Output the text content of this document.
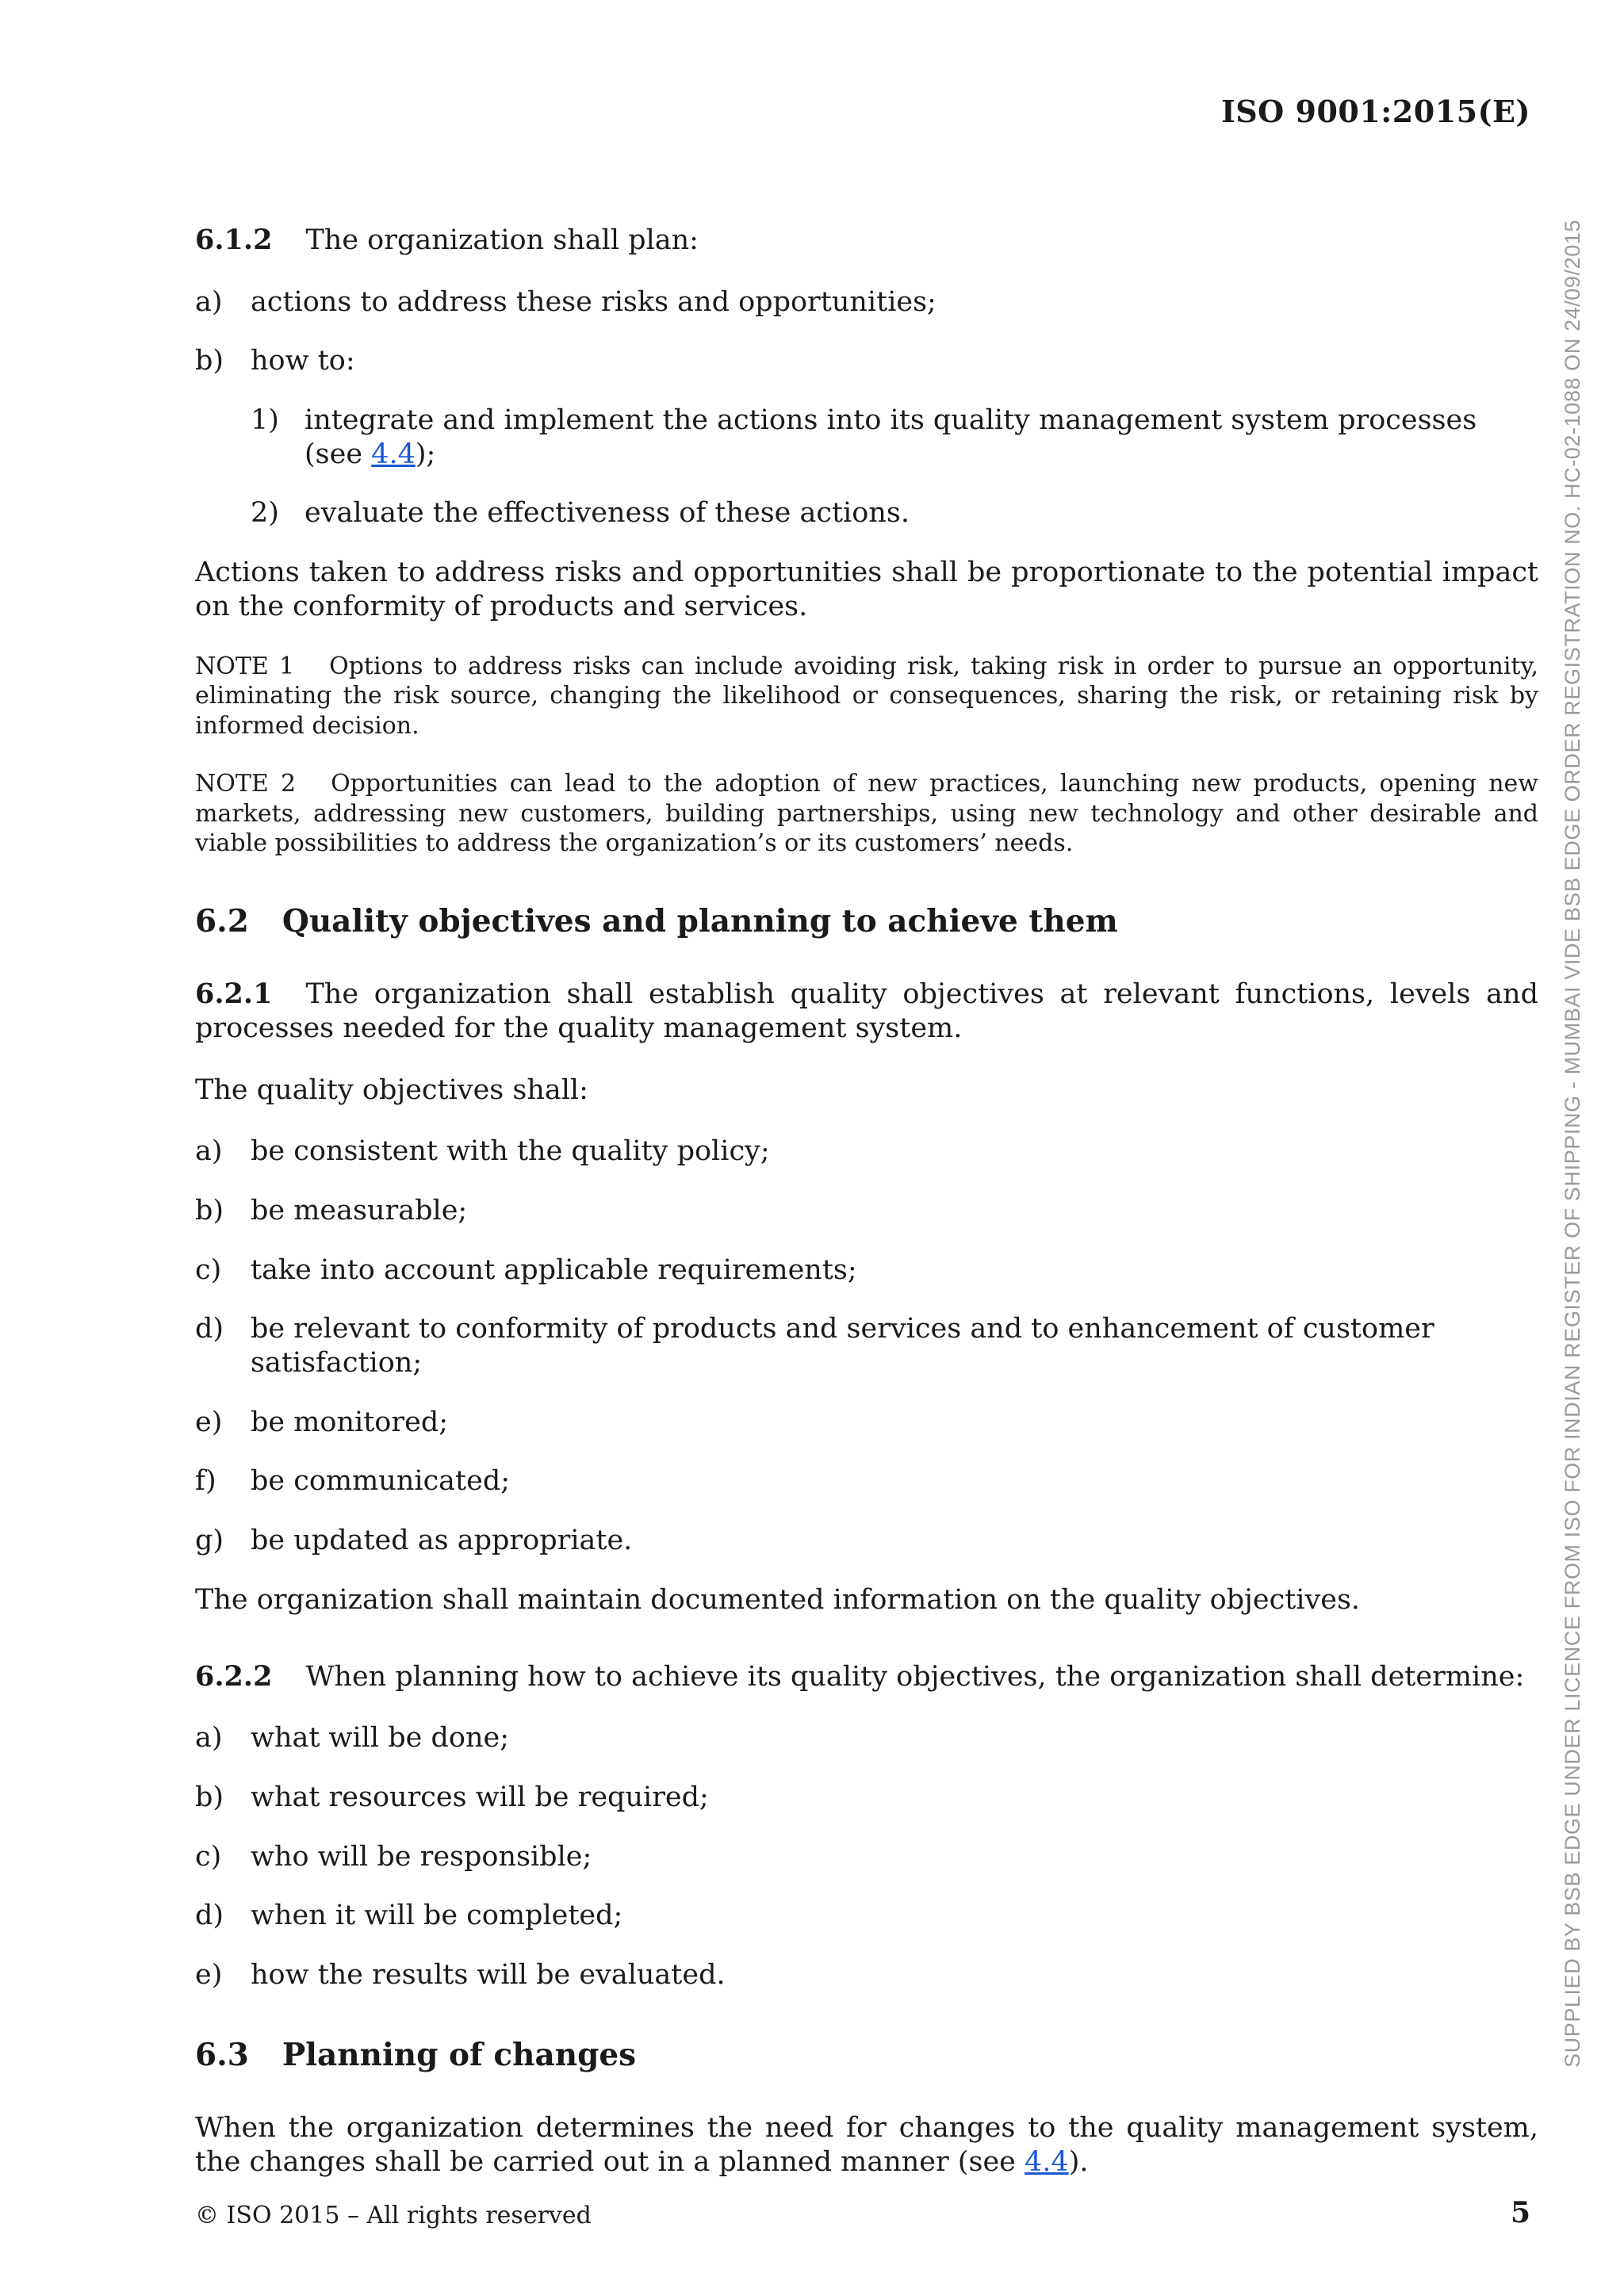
ISO 9001:2015(E)

6.1.2 The organization shall plan:

a)	actions to address these risks and opportunities;
b) how to:
1) integrate and implement the actions into its quality management system processes (see 4.4);
2) evaluate the effectiveness of these actions.

Actions taken to address risks and opportunities shall be proportionate to the potential impact on the conformity of products and services.

NOTE 1 Options to address risks can include avoiding risk, taking risk in order to pursue an opportunity, eliminating the risk source, changing the likelihood or consequences, sharing the risk, or retaining risk by informed decision.

NOTE 2 Opportunities can lead to the adoption of new practices, launching new products, opening new markets, addressing new customers, building partnerships, using new technology and other desirable and viable possibilities to address the organization’s or its customers’ needs.

6.2 Quality objectives and planning to achieve them

6.2.1 The organization shall establish quality objectives at relevant functions, levels and processes needed for the quality management system.

The quality objectives shall:

a)	be consistent with the quality policy;
b) be measurable;
c)	take into account applicable requirements;
d) be relevant to conformity of products and services and to enhancement of customer satisfaction;
e)	be monitored;
f)	be communicated;
g) be updated as appropriate.

The organization shall maintain documented information on the quality objectives.

6.2.2 When planning how to achieve its quality objectives, the organization shall determine:

a)	what will be done;
b) what resources will be required;
c)	who will be responsible;
d) when it will be completed;
e)	how the results will be evaluated.
6.3 Planning of changes

When the organization determines the need for changes to the quality management system, the changes shall be carried out in a planned manner (see 4.4).

© ISO 2015 – All rights reserved	5
SUPPLIED BY BSB EDGE UNDER LICENCE FROM ISO FOR INDIAN REGISTER OF SHIPPING - MUMBAI VIDE BSB EDGE ORDER REGISTRATION NO. HC-02-1088 ON 24/09/2015
